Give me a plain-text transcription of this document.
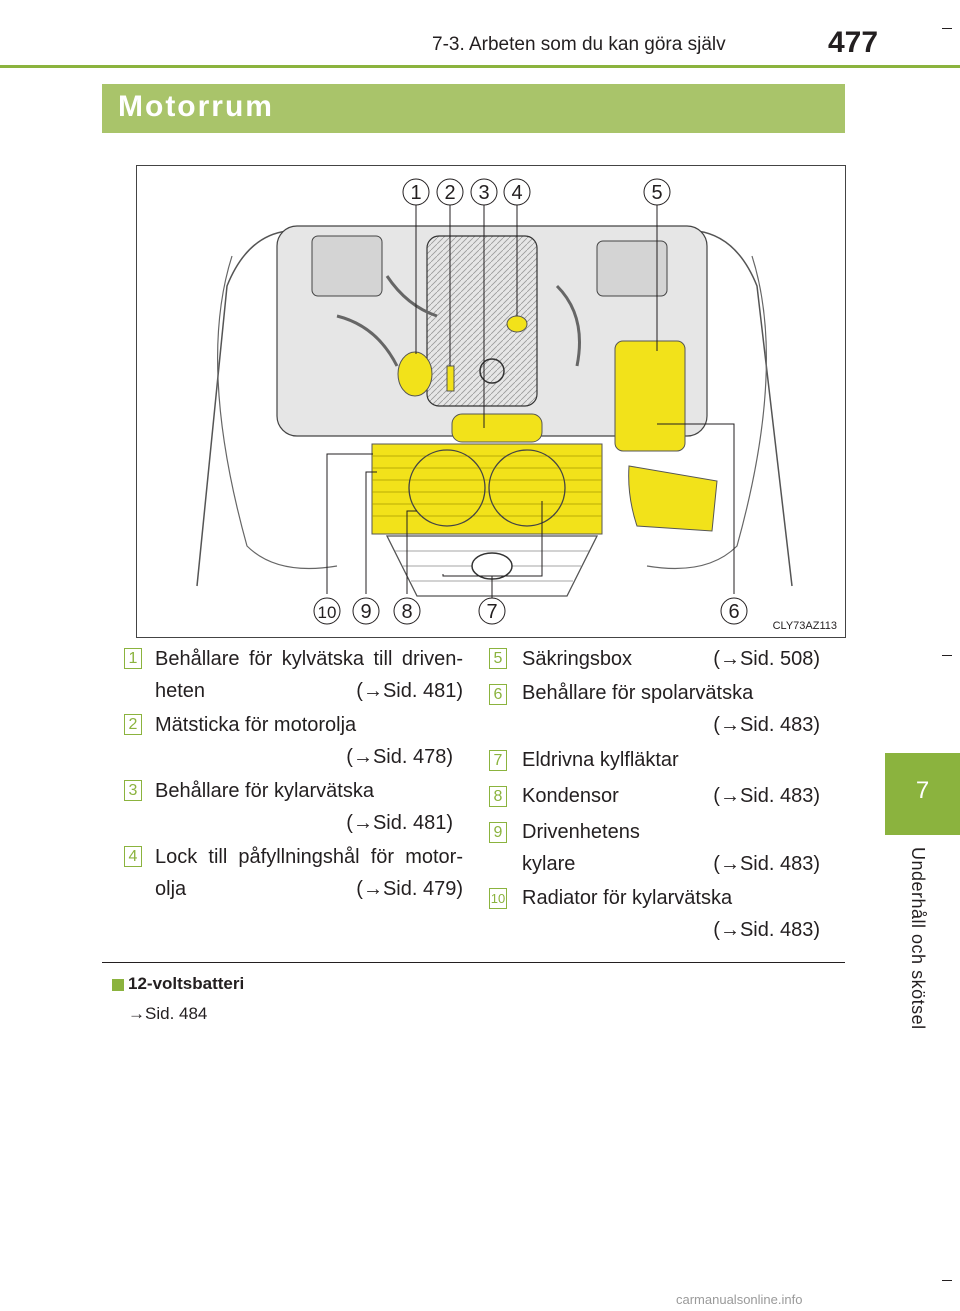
7-3. Arbeten som du kan göra själv	477
Motorrum
7
Underhåll och skötsel
1 2 3 4	5
10 9 8	7	6
CLY73AZ113
1 Behållare för kylvätska till driven-
heten	(→Sid. 481)
2 Mätsticka för motorolja
(→Sid. 478)
3 Behållare för kylarvätska
(→Sid. 481)
4 Lock till påfyllningshål för motor-
olja	(→Sid. 479)
5 Säkringsbox	(→Sid. 508)
6 Behållare för spolarvätska
(→Sid. 483)
7 Eldrivna kylfläktar
8 Kondensor	(→Sid. 483)
9 Drivenhetens
kylare	(→Sid. 483)
10 Radiator för kylarvätska
(→Sid. 483)
12-voltsbatteri
→Sid. 484
carmanualsonline.info
